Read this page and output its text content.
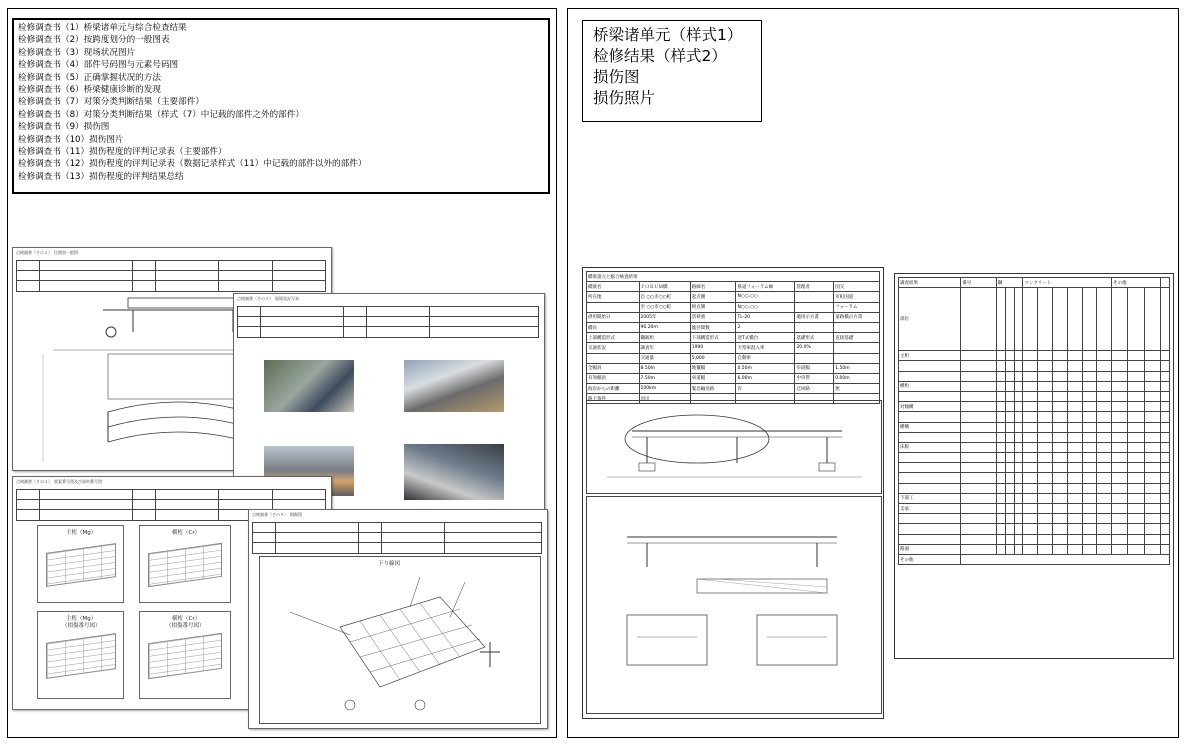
检修调查书（1）桥梁诸单元与综合检查结果
检修调查书（2）按跨度划分的一般图表
检修调查书（3）现场状况图片
检修调查书（4）部件号码图与元素号码图
检修调查书（5）正确掌握状况的方法
检修调查书（6）桥梁健康诊断的发现
检修调查书（7）对策分类判断结果（主要部件）
检修调查书（8）对策分类判断结果（样式（7）中记载的部件之外的部件）
检修调查书（9）损伤图
检修调查书（10）损伤图片
检修调查书（11）损伤程度的评判记录表（主要部件）
检修调查书（12）损伤程度的评判记录表（数据记录样式（11）中记载的部件以外的部件）
检修调查书（13）损伤程度的评判结果总结
点検調書（その２）　径間別一般図

点検調書（その３）　現場状況写真

点検調書（その４）　要素番号図及び部材番号図

主桁（Mg）	横桁（Cr）
主桁（Mg）
（損傷番号図）
横桁（Cr）
（損傷番号図）
点検調書（その９）　損傷図

下り線図
桥梁诸单元（样式1）
检修结果（样式2）
损伤图
损伤照片
橋梁諸元と総合検査結果					
橋梁名	ＦＯＲＵＭ橋	路線名	県道フォーラム線	管理者	国交
所在地	自 ○○市○○町	起点側	N○○.○○		市町国道
	至 ○○市○○町	終点側	N○○.○○		フォーラム
供用開始日	2005年	活荷重	TL-20	適用示方書	道路橋示方書
橋長	96.20m	総径間数	2		
上部構造形式	鋼鈑桁	下部構造形式	逆T式橋台	基礎形式	直接基礎
交通状況	調査年	1990	大型車混入率	20.0%	
	交通量	5,000	自動車		
全幅員	8.50m	地覆幅	0.50m	歩道幅	1.50m
有効幅員	7.50m	車道幅	6.00m	中央帯	0.00m
海岸からの距離	100km	緊急輸送路	有	迂回路	無
路下条件	河川				
調査結果	番号	鋼			コンクリート						その他			
部位														
主桁														

横桁														

対傾構														

横構														

床版														

下部工														
支承														

路面														
その他														
